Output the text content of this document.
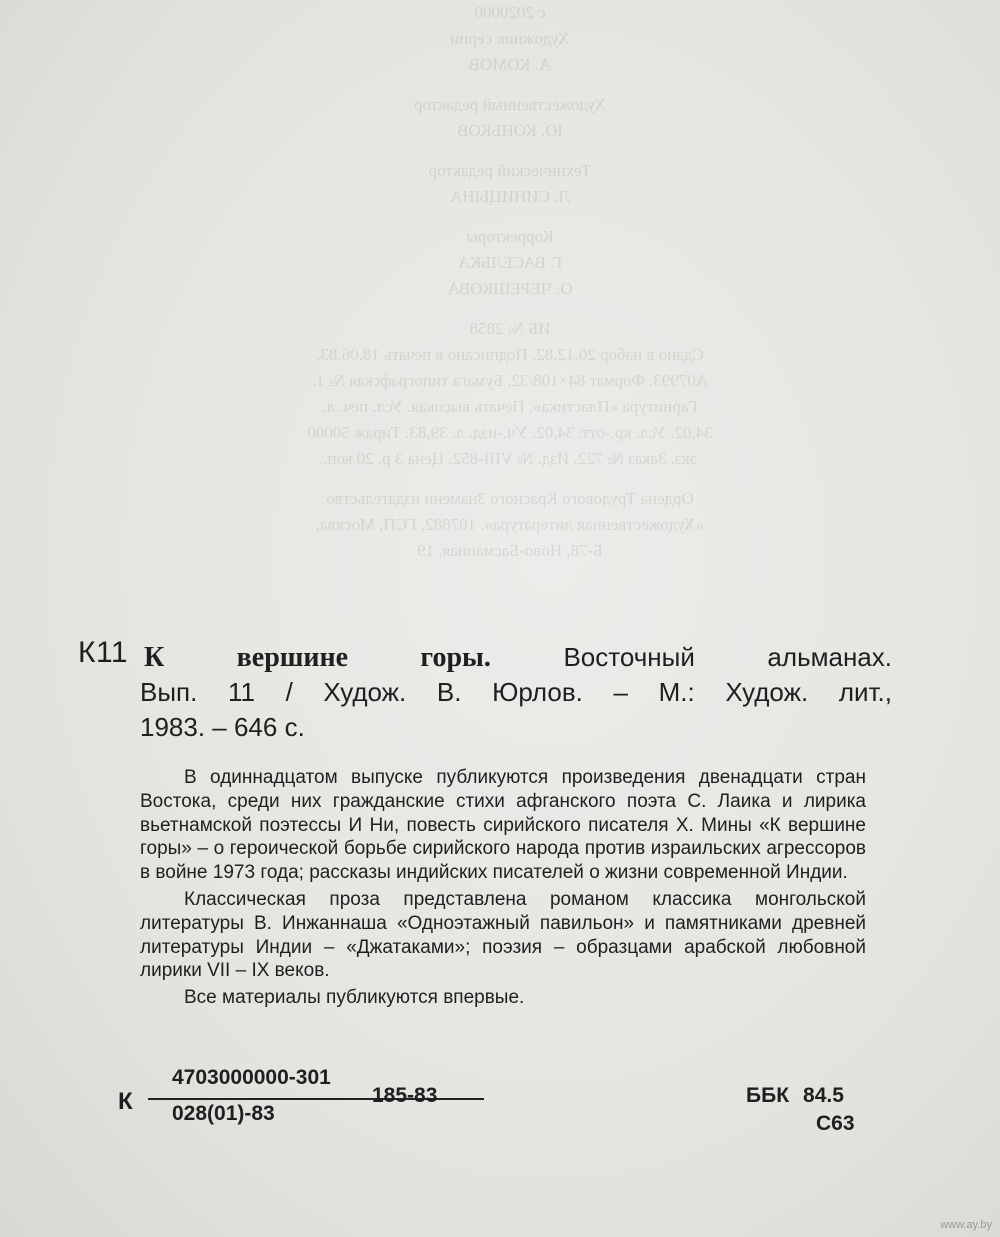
c 2020000

Художник серии

А. КОМОВ

Художественный редактор

Ю. КОНЬКОВ

Технический редактор

Л. СИНИЦЫНА

Корректоры

Г. ВАСЕЛЬКА

О. ЧЕРЕШКОВА

ИБ № 2858

Сдано в набор 20.12.82. Подписано в печать 18.06.83. А07993. Формат 84×108/32. Бумага типографская № 1. Гарнитура «Пластика». Печать высокая. Усл. печ. л. 34,02. Усл. кр.-отт. 34,02. Уч.-изд. л. 39,83. Тираж 50000 экз. Заказ № 722. Изд. № VIII-852. Цена 3 р. 20 коп.

Ордена Трудового Красного Знамени издательство «Художественная литература». 107882, ГСП, Москва, Б-78, Ново-Басманная, 19

К11 К вершине горы. Восточный альманах.
Вып. 11 / Худож. В. Юрлов. – М.: Худож. лит.,
1983. – 646 с.

В одиннадцатом выпуске публикуются произведения двенадцати стран Востока, среди них гражданские стихи афганского поэта С. Лаика и лирика вьетнамской поэтессы И Ни, повесть сирийского писателя Х. Мины «К вершине горы» – о героической борьбе сирийского народа против израильских агрессоров в войне 1973 года; рассказы индийских писателей о жизни современной Индии.

Классическая проза представлена романом классика монгольской литературы В. Инжаннаша «Одноэтажный павильон» и памятниками древней литературы Индии – «Джатаками»; поэзия – образцами арабской любовной лирики VII – IX веков.

Все материалы публикуются впервые.

К
4703000000-301
028(01)-83
185-83	ББК 84.5
С63
www.ay.by
